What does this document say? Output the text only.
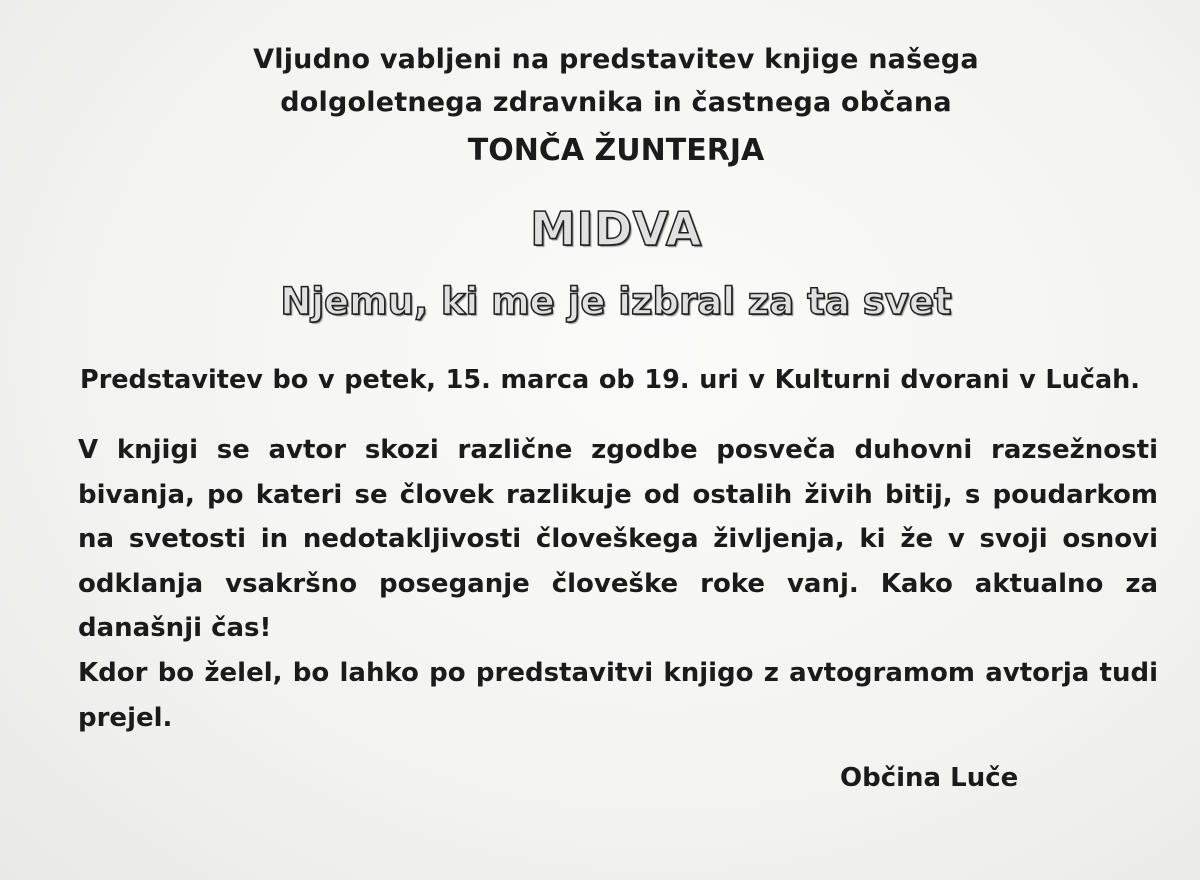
Vljudno vabljeni na predstavitev knjige našega
dolgoletnega zdravnika in častnega občana
TONČA ŽUNTERJA
MIDVA
Njemu, ki me je izbral za ta svet
Predstavitev bo v petek, 15. marca ob 19. uri v Kulturni dvorani v Lučah.

V knjigi se avtor skozi različne zgodbe posveča duhovni razsežnosti bivanja, po kateri se človek razlikuje od ostalih živih bitij, s poudarkom na svetosti in nedotakljivosti človeškega življenja, ki že v svoji osnovi odklanja vsakršno poseganje človeške roke vanj. Kako aktualno za današnji čas!

Kdor bo želel, bo lahko po predstavitvi knjigo z avtogramom avtorja tudi prejel.

Občina Luče
